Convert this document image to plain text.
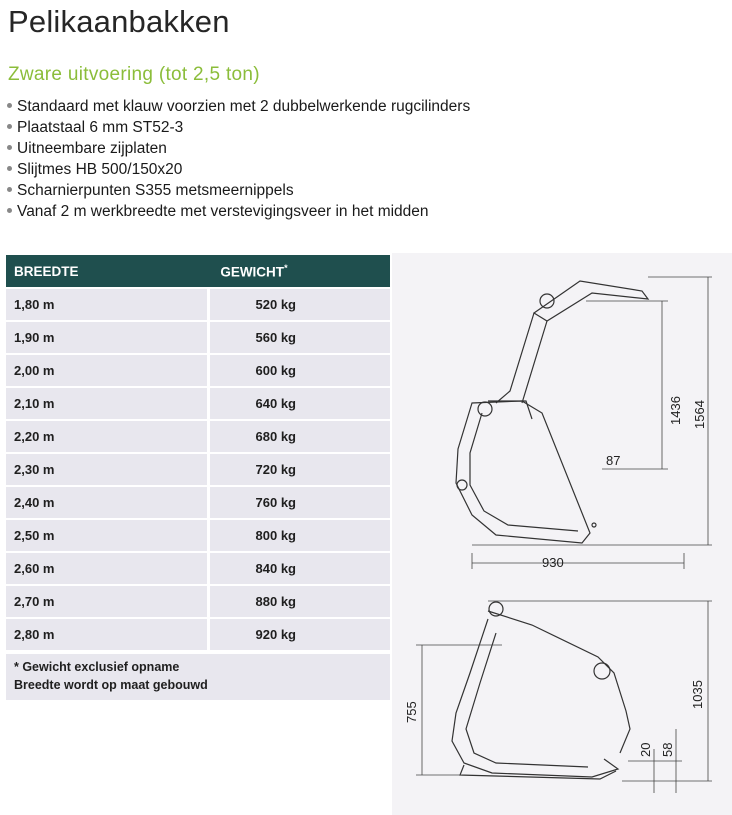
Pelikaanbakken
Zware uitvoering (tot 2,5 ton)
Standaard met klauw voorzien met 2 dubbelwerkende rugcilinders
Plaatstaal 6 mm ST52-3
Uitneembare zijplaten
Slijtmes HB 500/150x20
Scharnierpunten S355 metsmeernippels
Vanaf 2 m werkbreedte met verstevigingsveer in het midden
BREEDTE	GEWICHT*
1,80 m	520 kg
1,90 m	560 kg
2,00 m	600 kg
2,10 m	640 kg
2,20 m	680 kg
2,30 m	720 kg
2,40 m	760 kg
2,50 m	800 kg
2,60 m	840 kg
2,70 m	880 kg
2,80 m	920 kg
* Gewicht exclusief opname
Breedte wordt op maat gebouwd
1436 1564
87
930
755
1035
20 58
